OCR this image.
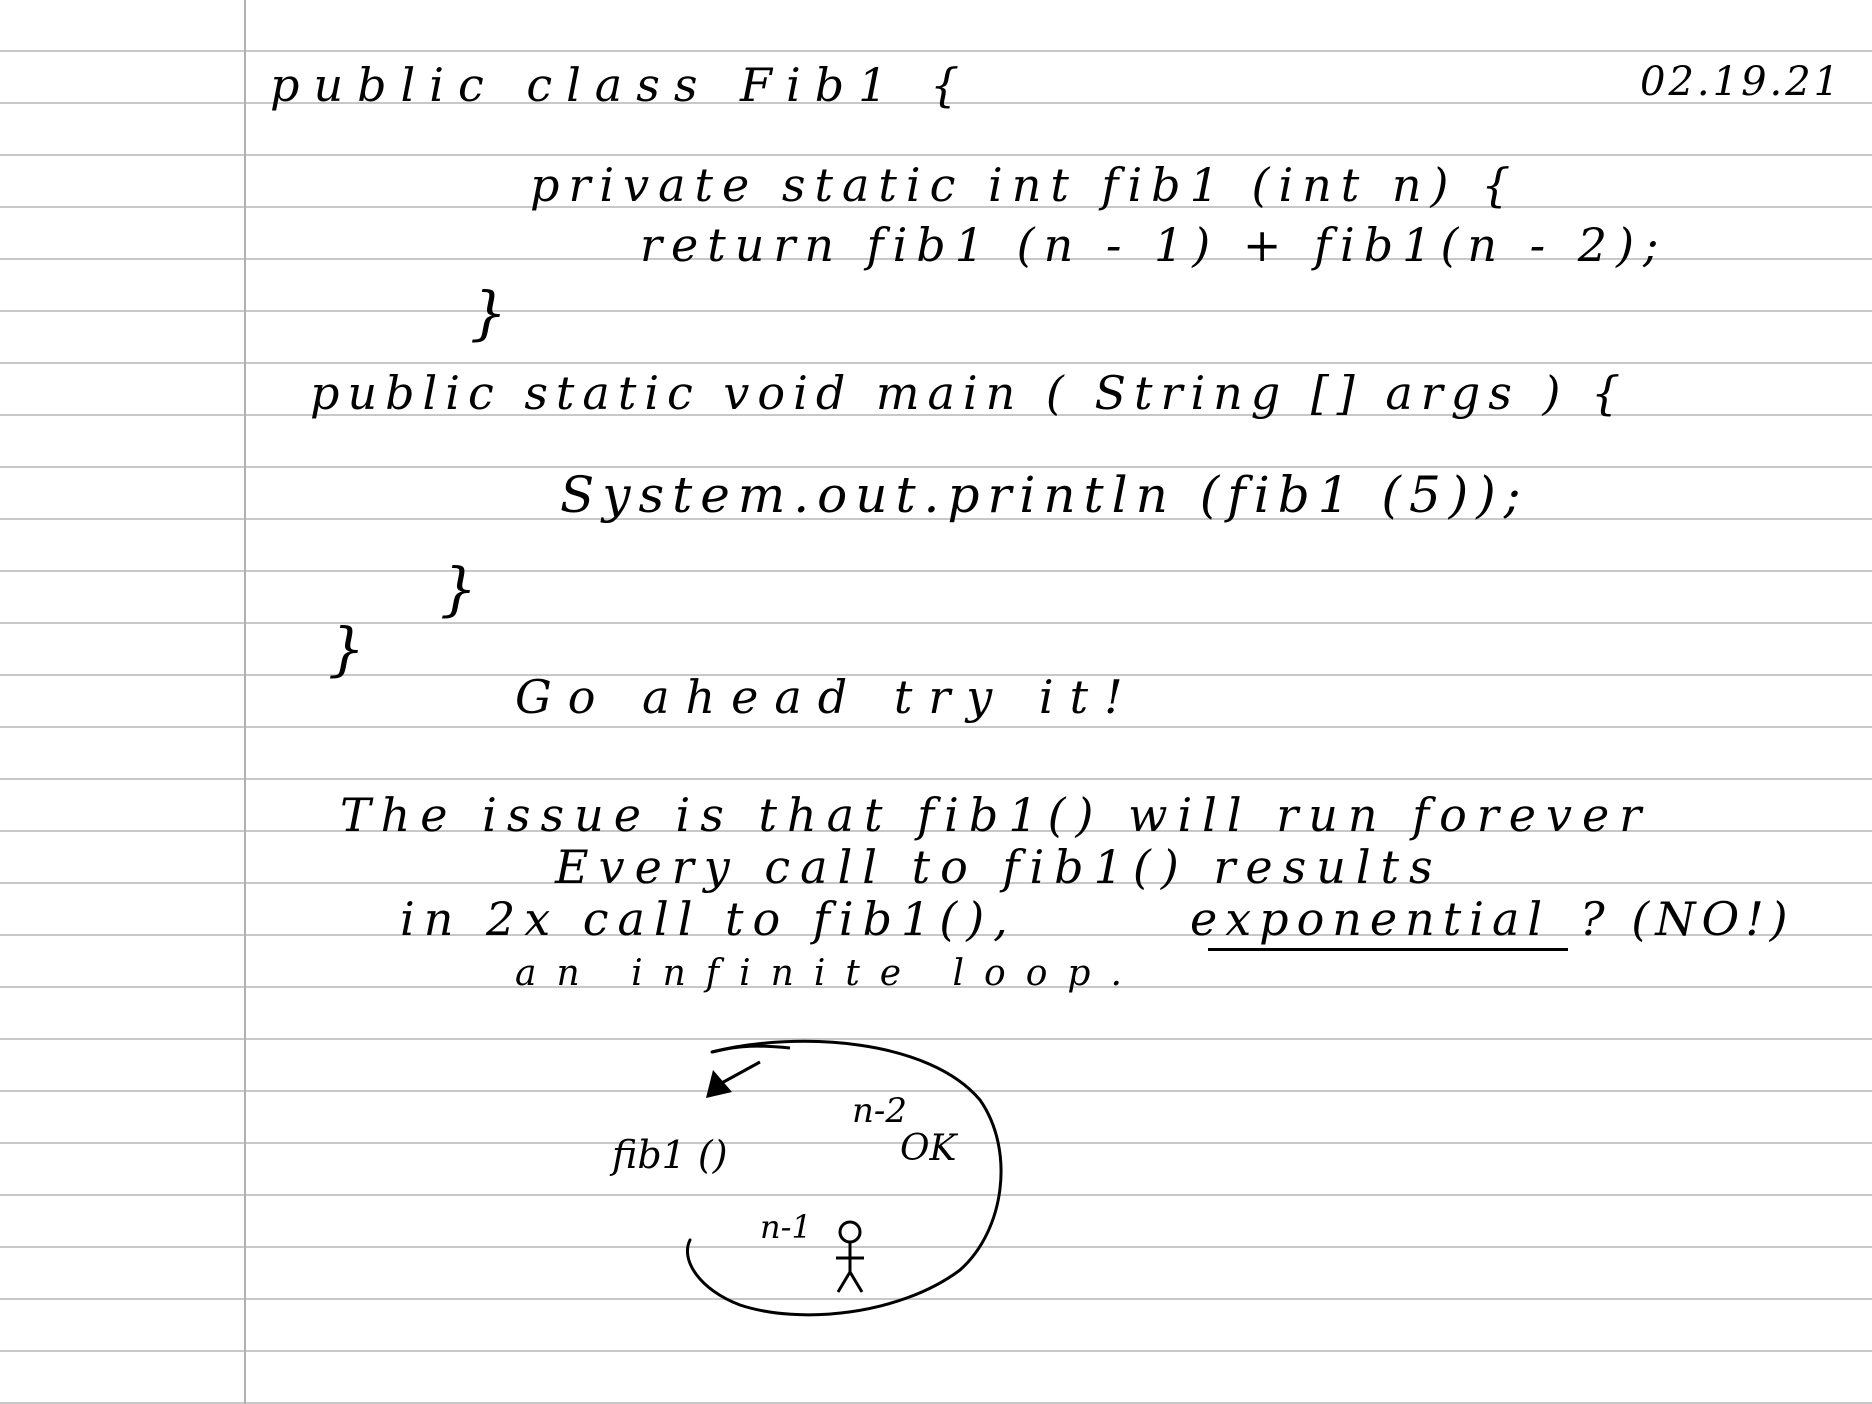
02.19.21
public class Fib1 {
private static int fib1 (int n) {
return fib1 (n - 1) + fib1(n - 2);
}
public static void main ( String [] args ) {
System.out.println (fib1 (5));
}
}
Go ahead try it!
The issue is that fib1() will run forever
Every call to fib1() results
in 2x call to fib1(),	exponential ? (NO!)
an infinite loop.
fib1 ()
n-2
OK
n-1
